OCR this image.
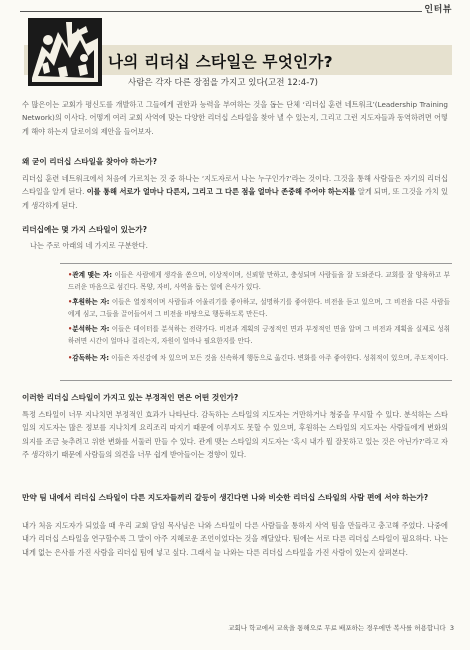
인터뷰
나의 리더십 스타일은 무엇인가?
사람은 각자 다른 장점을 가지고 있다(고전 12:4-7)
수 많은이는 교회가 평신도를 개발하고 그들에게 권한과 능력을 부여하는 것을 돕는 단체 ‘리더십 훈련 네트워크’(Leadership Training Network)의 이사다. 어떻게 여러 교회 사역에 맞는 다양한 리더십 스타일을 찾아 낼 수 있는지, 그리고 그런 지도자들과 동역하려면 어떻게 해야 하는지 달로이의 제안을 들어보자.
왜 굳이 리더십 스타일을 찾아야 하는가?
리더십 훈련 네트워크에서 처음에 가르치는 것 중 하나는 ‘지도자로서 나는 누구인가?’라는 것이다. 그것을 통해 사람들은 자기의 리더십 스타일을 알게 된다. 이를 통해 서로가 얼마나 다른지, 그리고 그 다른 점을 얼마나 존중해 주어야 하는지를 알게 되며, 또 그것을 가치 있게 생각하게 된다.
리더십에는 몇 가지 스타일이 있는가?
나는 주로 아래의 네 가지로 구분한다.
•관계 맺는 자: 이들은 사람에게 생각을 쏟으며, 이상적이며, 신뢰할 만하고, 충성되며 사람들을 잘 도와준다. 교회를 잘 양육하고 부드러운 마음으로 섬긴다. 목양, 자비, 사역을 돕는 일에 은사가 있다.
•후원하는 자: 이들은 열정적이며 사람들과 어울리기를 좋아하고, 설명하기를 좋아한다. 비전을 듣고 있으며, 그 비전을 다른 사람들에게 심고, 그들을 끌어들여서 그 비전을 바탕으로 행동하도록 만든다.
•분석하는 자: 이들은 데이터를 분석하는 전략가다. 비전과 계획의 긍정적인 면과 부정적인 면을 알며 그 비전과 계획을 실제로 성취하려면 시간이 얼마나 걸리는지, 자원이 얼마나 필요한지를 안다.
•감독하는 자: 이들은 자신감에 차 있으며 모든 것을 신속하게 행동으로 옮긴다. 변화를 아주 좋아한다. 성취적이 있으며, 주도적이다.
이러한 리더십 스타일이 가지고 있는 부정적인 면은 어떤 것인가?
특정 스타일이 너무 지나치면 부정적인 효과가 나타난다. 감독하는 스타일의 지도자는 거만하거나 청중을 무시할 수 있다. 분석하는 스타일의 지도자는 많은 정보를 지나치게 요리조리 따지기 때문에 이루지도 못할 수 있으며, 후원하는 스타일의 지도자는 사람들에게 변화의 의지를 조금 늦추려고 위한 변화를 서둘러 만들 수 있다. 관계 맺는 스타일의 지도자는 ‘혹시 내가 뭘 잘못하고 있는 것은 아닌가?’라고 자주 생각하기 때문에 사람들의 의견을 너무 쉽게 받아들이는 경향이 있다.
만약 팀 내에서 리더십 스타일이 다른 지도자들끼리 갈등이 생긴다면 나와 비슷한 리더십 스타일의 사람 편에 서야 하는가?
내가 처음 지도자가 되었을 때 우리 교회 담임 목사님은 나와 스타일이 다른 사람들을 통하지 사역 팀을 만들라고 충고해 주었다. 나중에 내가 리더십 스타일을 연구할수록 그 말이 아주 지혜로운 조언이었다는 것을 깨달았다. 팀에는 서로 다른 리더십 스타일이 필요하다. 나는 내게 없는 은사를 가진 사람을 리더십 팀에 넣고 싶다. 그래서 늘 나와는 다른 리더십 스타일을 가진 사람이 있는지 살펴본다.
교회나 학교에서 교육을 통해으로 무료 배포하는 경우에만 복사를 허용합니다 3
